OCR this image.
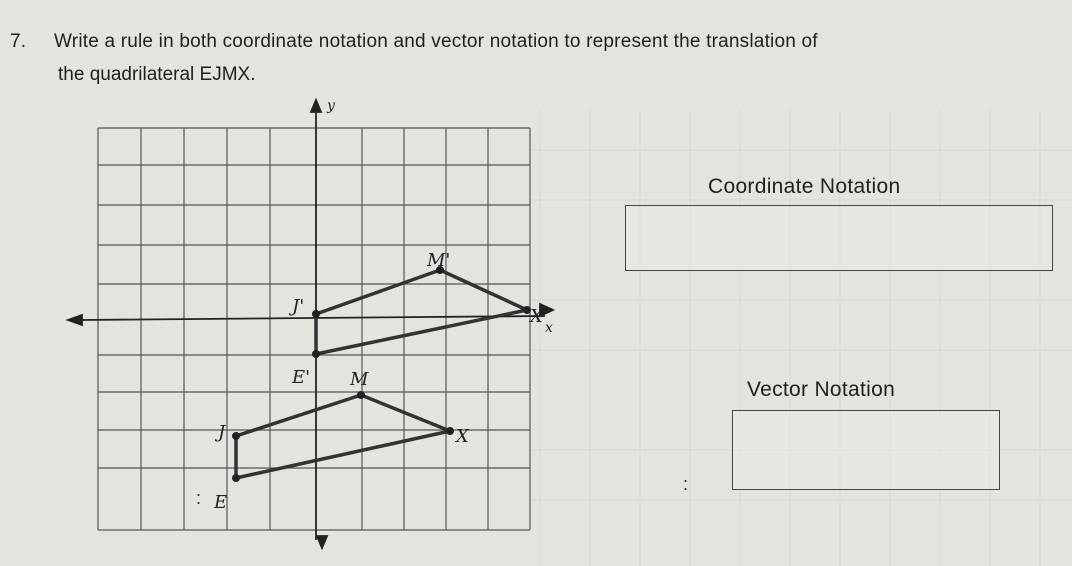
7. Write a rule in both coordinate notation and vector notation to represent the translation of
the quadrilateral EJMX.
y
x
E'
J'
M'
X
E
J
M
X
:
:
Coordinate Notation
Vector Notation
